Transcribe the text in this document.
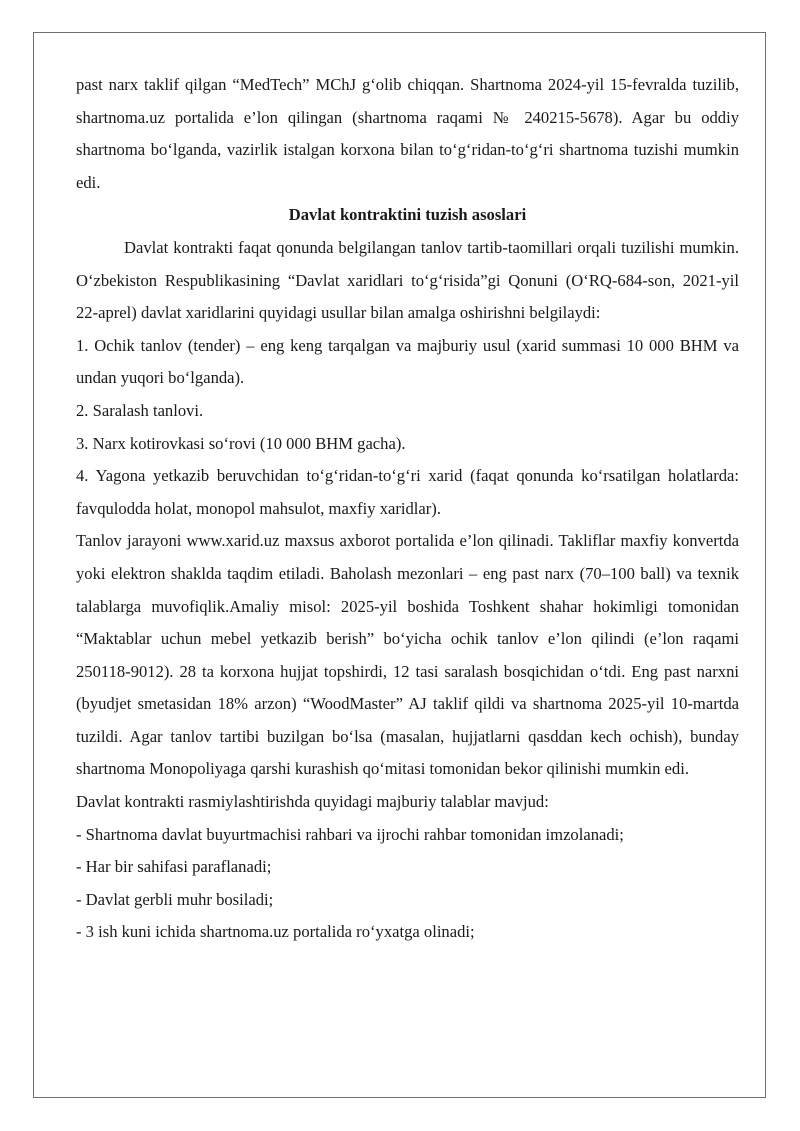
past narx taklif qilgan “MedTech” MChJ g‘olib chiqqan. Shartnoma 2024-yil 15-fevralda tuzilib, shartnoma.uz portalida e’lon qilingan (shartnoma raqami № 240215-5678). Agar bu oddiy shartnoma bo‘lganda, vazirlik istalgan korxona bilan to‘g‘ridan-to‘g‘ri shartnoma tuzishi mumkin edi.

Davlat kontraktini tuzish asoslari

Davlat kontrakti faqat qonunda belgilangan tanlov tartib-taomillari orqali tuzilishi mumkin. O‘zbekiston Respublikasining “Davlat xaridlari to‘g‘risida”gi Qonuni (O‘RQ-684-son, 2021-yil 22-aprel) davlat xaridlarini quyidagi usullar bilan amalga oshirishni belgilaydi:

1. Ochik tanlov (tender) – eng keng tarqalgan va majburiy usul (xarid summasi 10 000 BHM va undan yuqori bo‘lganda).

2. Saralash tanlovi.

3. Narx kotirovkasi so‘rovi (10 000 BHM gacha).

4. Yagona yetkazib beruvchidan to‘g‘ridan-to‘g‘ri xarid (faqat qonunda ko‘rsatilgan holatlarda: favqulodda holat, monopol mahsulot, maxfiy xaridlar).

Tanlov jarayoni www.xarid.uz maxsus axborot portalida e’lon qilinadi. Takliflar maxfiy konvertda yoki elektron shaklda taqdim etiladi. Baholash mezonlari – eng past narx (70–100 ball) va texnik talablarga muvofiqlik.Amaliy misol: 2025-yil boshida Toshkent shahar hokimligi tomonidan “Maktablar uchun mebel yetkazib berish” bo‘yicha ochik tanlov e’lon qilindi (e’lon raqami 250118-9012). 28 ta korxona hujjat topshirdi, 12 tasi saralash bosqichidan o‘tdi. Eng past narxni (byudjet smetasidan 18% arzon) “WoodMaster” AJ taklif qildi va shartnoma 2025-yil 10-martda tuzildi. Agar tanlov tartibi buzilgan bo‘lsa (masalan, hujjatlarni qasddan kech ochish), bunday shartnoma Monopoliyaga qarshi kurashish qo‘mitasi tomonidan bekor qilinishi mumkin edi.

Davlat kontrakti rasmiylashtirishda quyidagi majburiy talablar mavjud:

- Shartnoma davlat buyurtmachisi rahbari va ijrochi rahbar tomonidan imzolanadi;

- Har bir sahifasi paraflanadi;

- Davlat gerbli muhr bosiladi;

- 3 ish kuni ichida shartnoma.uz portalida ro‘yxatga olinadi;
